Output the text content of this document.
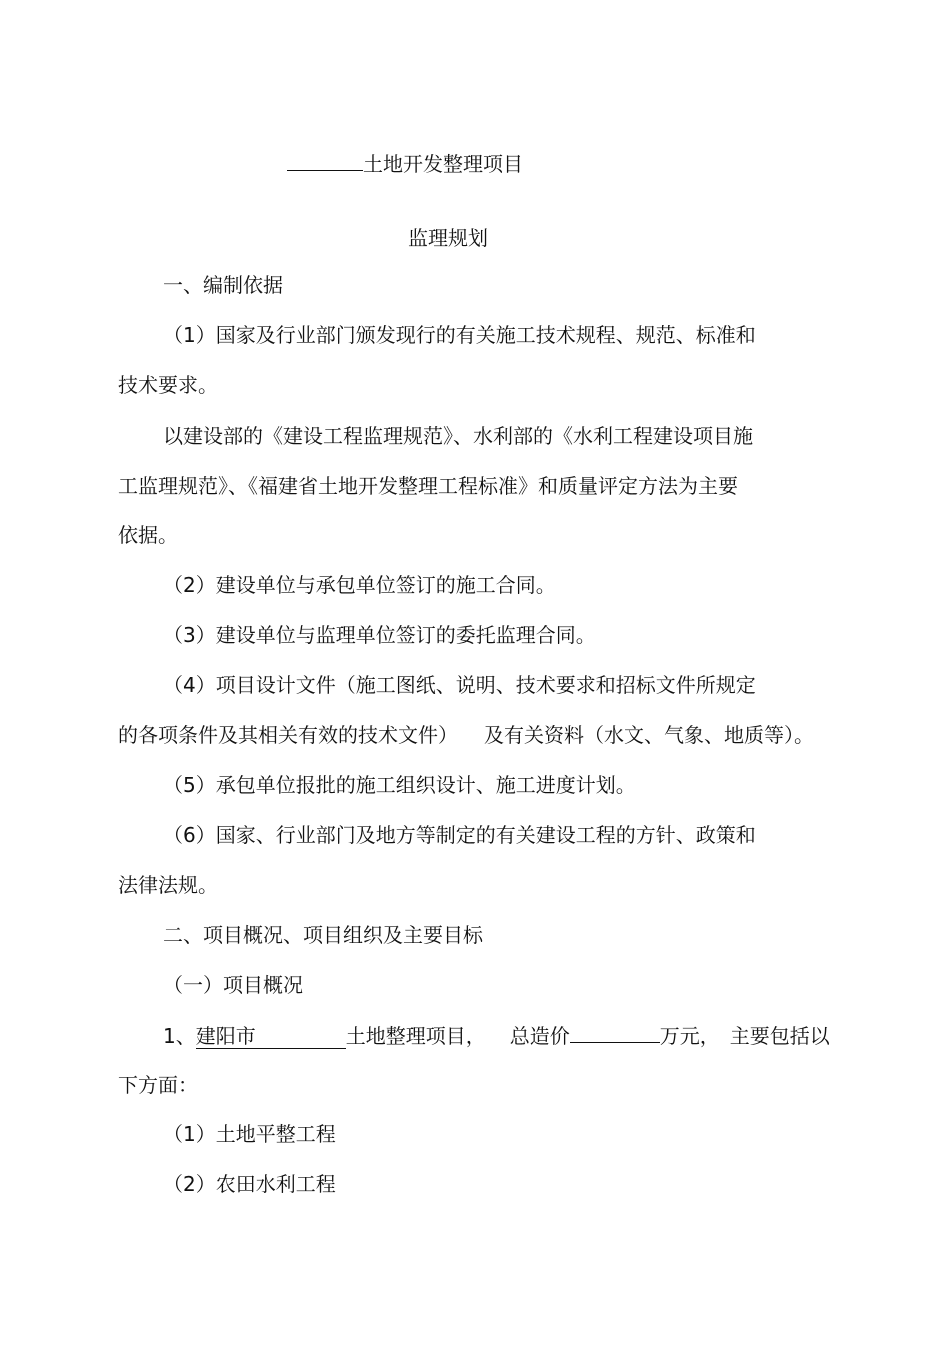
土地开发整理项目
监理规划
一、编制依据
（1）国家及行业部门颁发现行的有关施工技术规程、规范、标准和
技术要求。
以建设部的《建设工程监理规范》、水利部的《水利工程建设项目施
工监理规范》、《福建省土地开发整理工程标准》和质量评定方法为主要
依据。
（2）建设单位与承包单位签订的施工合同。
（3）建设单位与监理单位签订的委托监理合同。
（4）项目设计文件（施工图纸、说明、技术要求和招标文件所规定
的各项条件及其相关有效的技术文件） 及有关资料（水文、气象、地质等）。
（5）承包单位报批的施工组织设计、施工进度计划。
（6）国家、行业部门及地方等制定的有关建设工程的方针、政策和
法律法规。
二、项目概况、项目组织及主要目标
（一）项目概况
1、建阳市	土地整理项目， 总造价	万元， 主要包括以
下方面：
（1）土地平整工程
（2）农田水利工程
